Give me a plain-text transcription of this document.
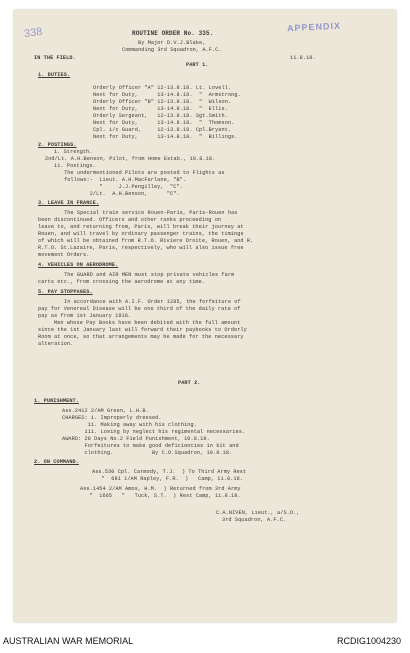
338	APPENDIX
ROUTINE ORDER No. 335.
By Major D.V.J.Blake,
Commanding 3rd Squadron, A.F.C.
IN THE FIELD.	11.8.18.
PART 1.
1. DUTIES.
Orderly Officer "A" 12-13.8.18. Lt. Lovell.
Next for Duty,      13-14.8.18.  "  Armstrong.
Orderly Officer "B" 12-13.8.18.  "  Wilson.
Next for Duty,      13-14.8.18.  "  Ellis.
Orderly Sergeant,   12-13.8.18. Sgt.Smith.
Next for Duty,      13-14.8.18.  "  Thomson.
Cpl. i/c Guard,     12-13.8.18. Cpl.Bryant.
Next for Duty,      13-14.8.18.  "  Billings.
2. POSTINGS.
i. Strength.
2nd/Lt. A.H.Benson, Pilot, from Home Estab., 10.8.18.
ii. Postings.
The undermentioned Pilots are posted to Flights as
follows:-  Lieut. A.H.MacFarlane, "B".
"     J.J.Pengilley,  "C".
2/Lt.  A.H.Benson,      "C".
3. LEAVE IN FRANCE.
The Special train service Rouen-Paris, Paris-Rouen has
been discontinued. Officers and other ranks proceeding on
leave to, and returning from, Paris, will break their journey at
Rouen, and will travel by ordinary passenger trains, the timings
of which will be obtained from R.T.O. Riviere Droite, Rouen, and R.
R.T.O. St.Lazaire, Paris, respectively, who will also issue free
movement Orders.
4. VEHICLES ON AERODROME.
The GUARD and AIR MEN must stop private vehicles farm
carts etc., from crossing the aerodrome at any time.
5. PAY STOPPAGES.
In accordance with A.I.F. Order 1285, the forfeiture of
pay for Venereal Disease will be one third of the daily rate of
pay as from 1st January 1918.
Men whose Pay Books have been debited with the full amount
since the 1st January last will forward their paybooks to Orderly
Room at once, so that arrangements may be made for the necessary
alteration.
PART 2.
1. PUNISHMENT.
Ass.2412 2/AM Green, L.H.B.
CHARGES: i. Improperly dressed.
ii. Making away with his clothing.
iii. Losing by neglect his regimental necessaries.
AWARD: 28 Days No.2 Field Punishment, 10.8.18.
Forfeitures to make good deficiencies in kit and
clothing.            By C.O.Squadron, 10.8.18.
2. ON COMMAND.
Ass.530 Cpl. Carmody, T.J.  ) To Third Army Rest
"  681 1/AM Rapley, F.R.  )   Camp, 11.8.18.
Ass.1454 2/AM Amos, H.M.  ) Returned from 3rd Army
"  1665   "   Tuck, S.T.  ) Rest Camp, 11.8.18.
C.A.NIVEN, Lieut., a/S.O.,
3rd Squadron, A.F.C.
AUSTRALIAN WAR MEMORIAL	RCDIG1004230
